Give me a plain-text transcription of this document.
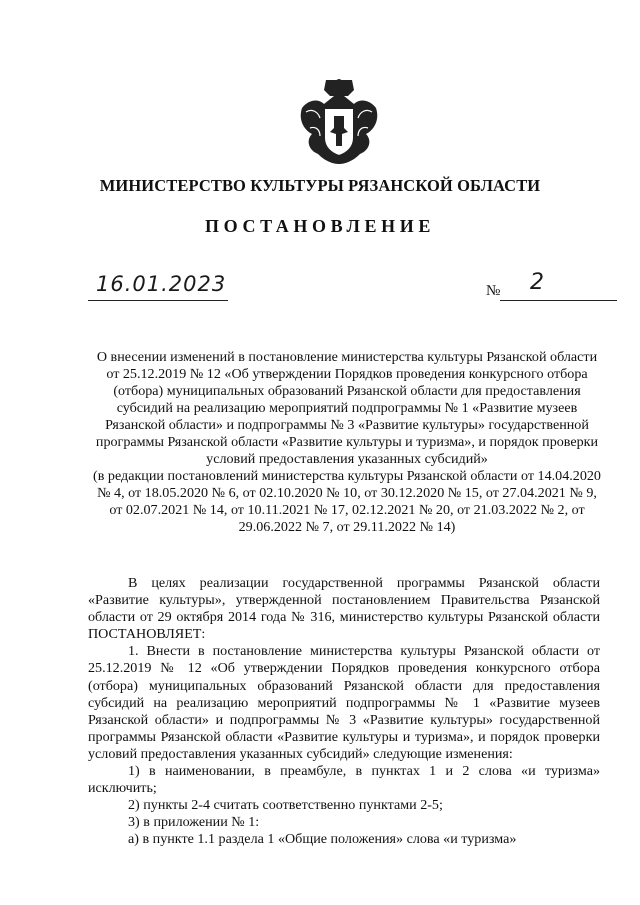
МИНИСТЕРСТВО КУЛЬТУРЫ РЯЗАНСКОЙ ОБЛАСТИ
ПОСТАНОВЛЕНИЕ
16.01.2023	№ 2
О внесении изменений в постановление министерства культуры Рязанской области от 25.12.2019 № 12 «Об утверждении Порядков проведения конкурсного отбора (отбора) муниципальных образований Рязанской области для предоставления субсидий на реализацию мероприятий подпрограммы № 1 «Развитие музеев Рязанской области» и подпрограммы № 3 «Развитие культуры» государственной программы Рязанской области «Развитие культуры и туризма», и порядок проверки условий предоставления указанных субсидий»
(в редакции постановлений министерства культуры Рязанской области от 14.04.2020 № 4, от 18.05.2020 № 6, от 02.10.2020 № 10, от 30.12.2020 № 15, от 27.04.2021 № 9, от 02.07.2021 № 14, от 10.11.2021 № 17, 02.12.2021 № 20, от 21.03.2022 № 2, от 29.06.2022 № 7, от 29.11.2022 № 14)

В целях реализации государственной программы Рязанской области «Развитие культуры», утвержденной постановлением Правительства Рязанской области от 29 октября 2014 года № 316, министерство культуры Рязанской области ПОСТАНОВЛЯЕТ:

1. Внести в постановление министерства культуры Рязанской области от 25.12.2019 № 12 «Об утверждении Порядков проведения конкурсного отбора (отбора) муниципальных образований Рязанской области для предоставления субсидий на реализацию мероприятий подпрограммы № 1 «Развитие музеев Рязанской области» и подпрограммы № 3 «Развитие культуры» государственной программы Рязанской области «Развитие культуры и туризма», и порядок проверки условий предоставления указанных субсидий» следующие изменения:

1) в наименовании, в преамбуле, в пунктах 1 и 2 слова «и туризма» исключить;

2) пункты 2-4 считать соответственно пунктами 2-5;

3) в приложении № 1:

а) в пункте 1.1 раздела 1 «Общие положения» слова «и туризма»
